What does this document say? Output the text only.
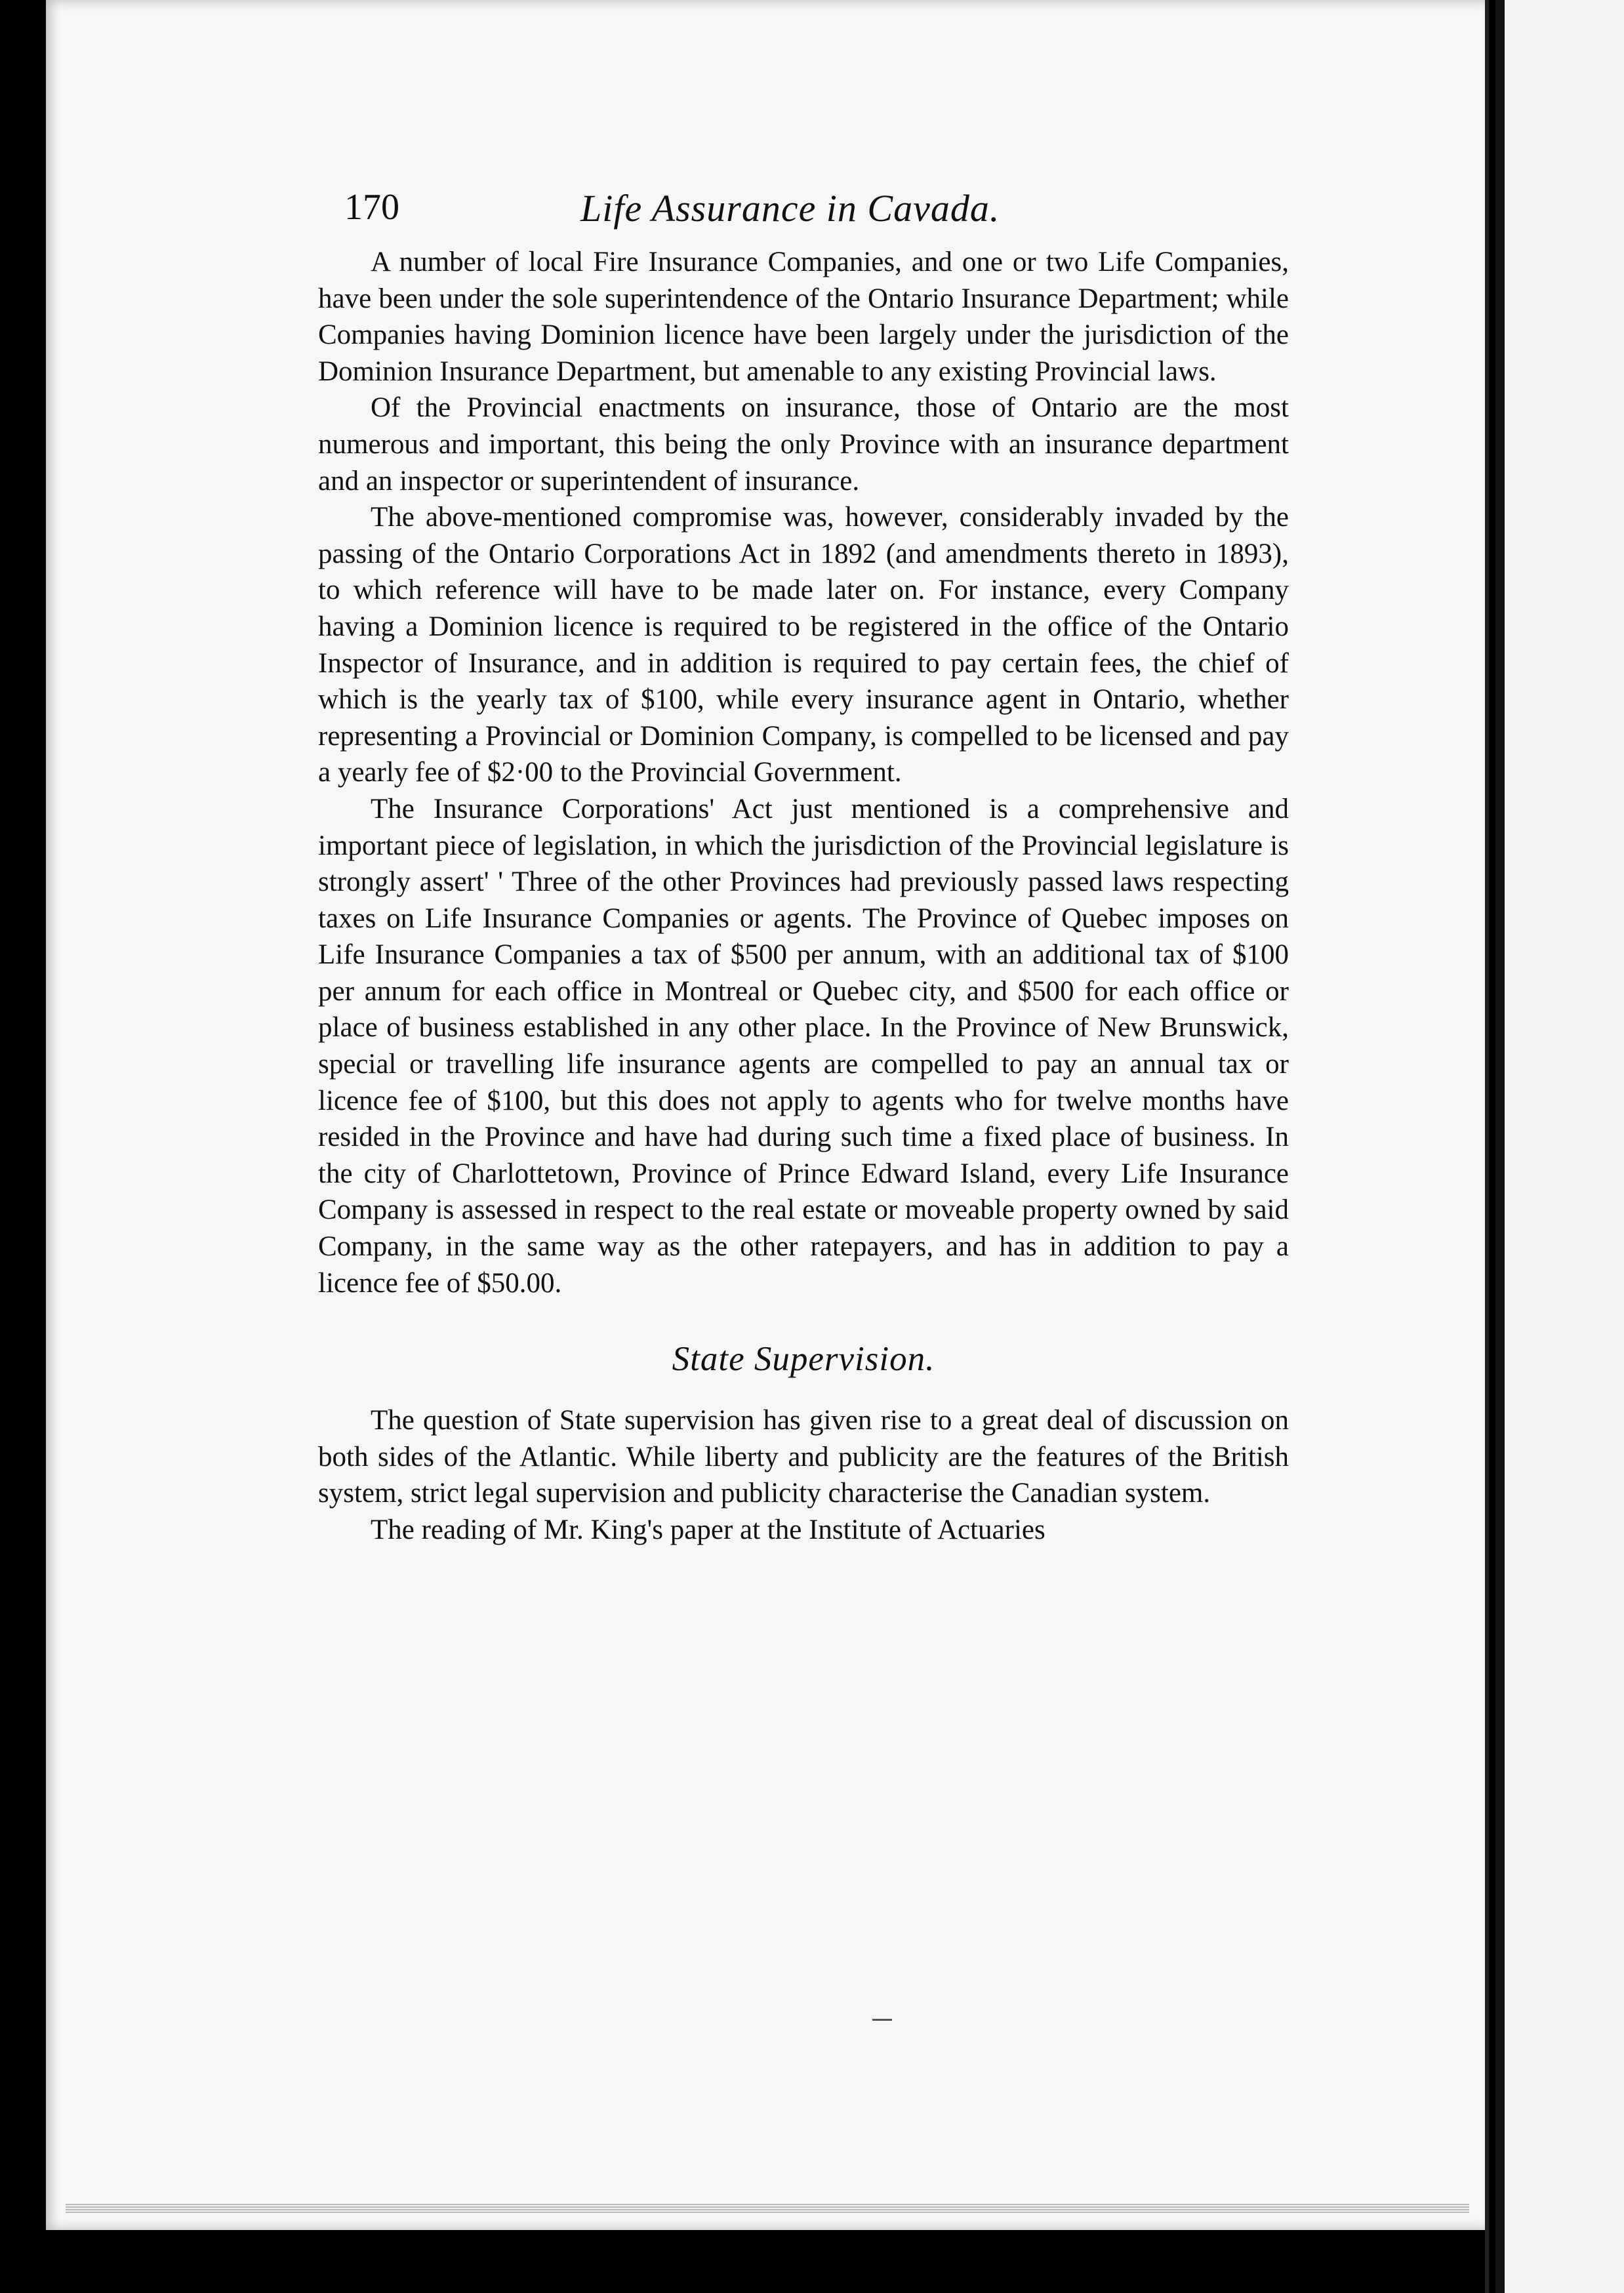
170	Life Assurance in Cavada.

A number of local Fire Insurance Companies, and one or two Life Companies, have been under the sole superintendence of the Ontario Insurance Department; while Companies having Dominion licence have been largely under the jurisdiction of the Dominion Insurance Department, but amenable to any existing Provincial laws.

Of the Provincial enactments on insurance, those of Ontario are the most numerous and important, this being the only Province with an insurance department and an inspector or superintendent of insurance.

The above-mentioned compromise was, however, considerably invaded by the passing of the Ontario Corporations Act in 1892 (and amendments thereto in 1893), to which reference will have to be made later on. For instance, every Company having a Dominion licence is required to be registered in the office of the Ontario Inspector of Insurance, and in addition is required to pay certain fees, the chief of which is the yearly tax of $100, while every insurance agent in Ontario, whether representing a Provincial or Dominion Company, is compelled to be licensed and pay a yearly fee of $2·00 to the Provincial Government.

The Insurance Corporations' Act just mentioned is a comprehensive and important piece of legislation, in which the jurisdiction of the Provincial legislature is strongly assert' ' Three of the other Provinces had previously passed laws respecting taxes on Life Insurance Companies or agents. The Province of Quebec imposes on Life Insurance Companies a tax of $500 per annum, with an additional tax of $100 per annum for each office in Montreal or Quebec city, and $500 for each office or place of business established in any other place. In the Province of New Brunswick, special or travelling life insurance agents are compelled to pay an annual tax or licence fee of $100, but this does not apply to agents who for twelve months have resided in the Province and have had during such time a fixed place of business. In the city of Charlottetown, Province of Prince Edward Island, every Life Insurance Company is assessed in respect to the real estate or moveable property owned by said Company, in the same way as the other ratepayers, and has in addition to pay a licence fee of $50.00.

State Supervision.

The question of State supervision has given rise to a great deal of discussion on both sides of the Atlantic. While liberty and publicity are the features of the British system, strict legal supervision and publicity characterise the Canadian system.

The reading of Mr. King's paper at the Institute of Actuaries
